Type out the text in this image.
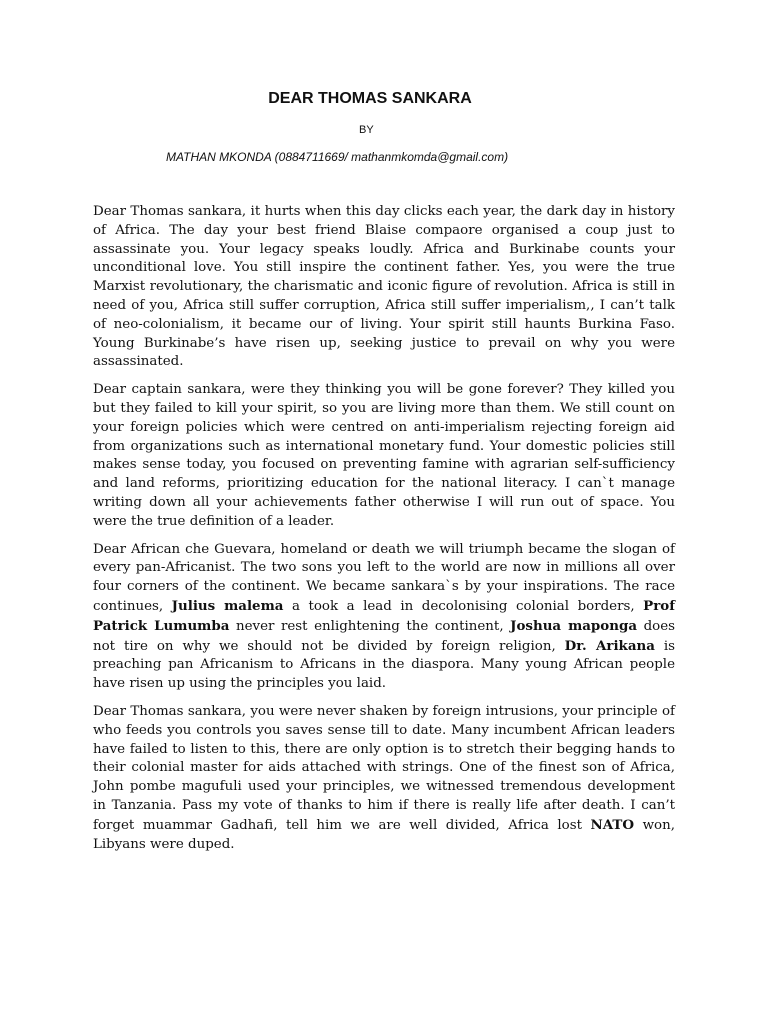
DEAR THOMAS SANKARA
BY
MATHAN MKONDA (0884711669/ mathanmkomda@gmail.com)

Dear Thomas sankara, it hurts when this day clicks each year, the dark day in history of Africa. The day your best friend Blaise compaore organised a coup just to assassinate you. Your legacy speaks loudly. Africa and Burkinabe counts your unconditional love. You still inspire the continent father. Yes, you were the true Marxist revolutionary, the charismatic and iconic figure of revolution. Africa is still in need of you, Africa still suffer corruption, Africa still suffer imperialism,, I can’t talk of neo-colonialism, it became our of living. Your spirit still haunts Burkina Faso. Young Burkinabe’s have risen up, seeking justice to prevail on why you were assassinated.

Dear captain sankara, were they thinking you will be gone forever? They killed you but they failed to kill your spirit, so you are living more than them. We still count on your foreign policies which were centred on anti-imperialism rejecting foreign aid from organizations such as international monetary fund. Your domestic policies still makes sense today, you focused on preventing famine with agrarian self-sufficiency and land reforms, prioritizing education for the national literacy. I can`t manage writing down all your achievements father otherwise I will run out of space. You were the true definition of a leader.

Dear African che Guevara, homeland or death we will triumph became the slogan of every pan-Africanist. The two sons you left to the world are now in millions all over four corners of the continent. We became sankara`s by your inspirations. The race continues, Julius malema a took a lead in decolonising colonial borders, Prof Patrick Lumumba never rest enlightening the continent, Joshua maponga does not tire on why we should not be divided by foreign religion, Dr. Arikana is preaching pan Africanism to Africans in the diaspora. Many young African people have risen up using the principles you laid.

Dear Thomas sankara, you were never shaken by foreign intrusions, your principle of who feeds you controls you saves sense till to date. Many incumbent African leaders have failed to listen to this, there are only option is to stretch their begging hands to their colonial master for aids attached with strings. One of the finest son of Africa, John pombe magufuli used your principles, we witnessed tremendous development in Tanzania. Pass my vote of thanks to him if there is really life after death. I can’t forget muammar Gadhafi, tell him we are well divided, Africa lost NATO won, Libyans were duped.
